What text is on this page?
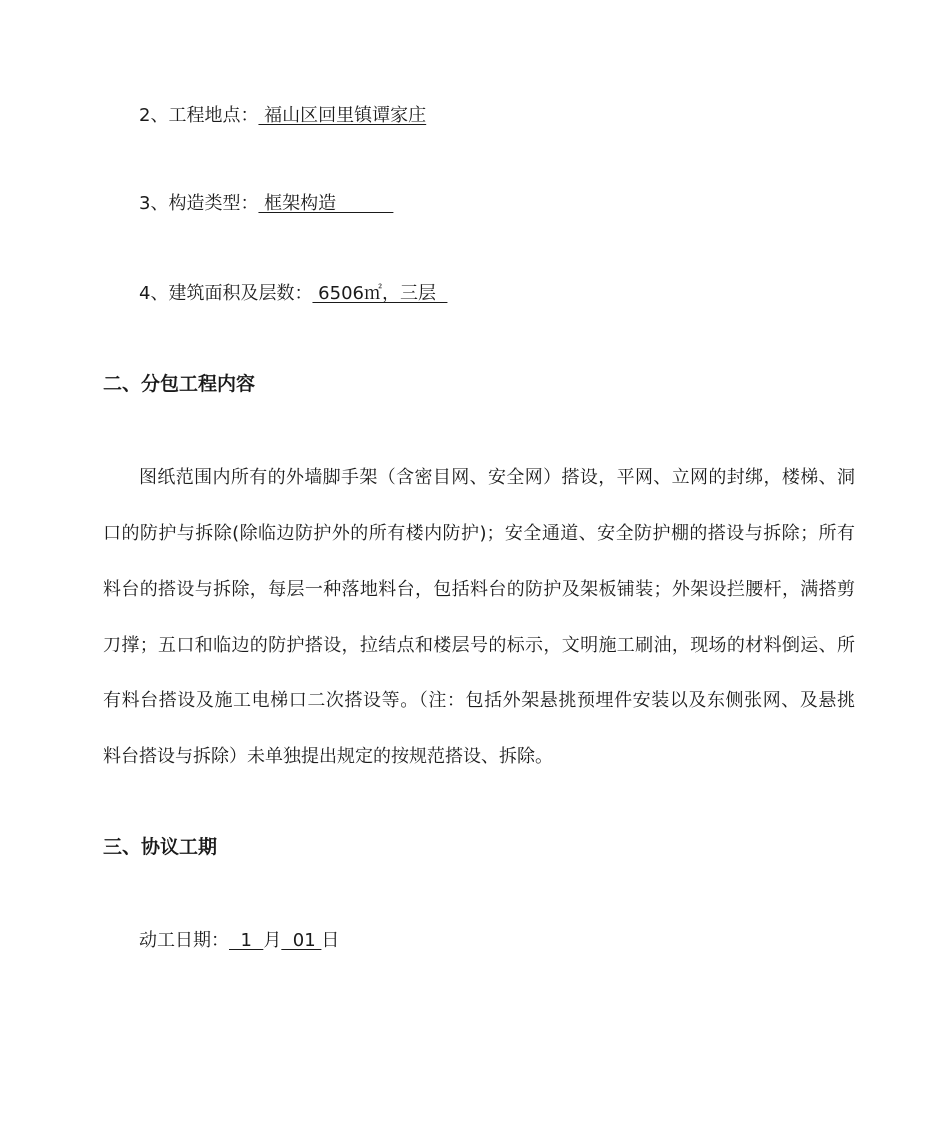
2、工程地点： 福山区回里镇谭家庄
3、构造类型： 框架构造
4、建筑面积及层数： 6506㎡，三层
二、分包工程内容
图纸范围内所有的外墙脚手架（含密目网、安全网）搭设，平网、立网的封绑，楼梯、洞
口的防护与拆除(除临边防护外的所有楼内防护)；安全通道、安全防护棚的搭设与拆除；所有
料台的搭设与拆除，每层一种落地料台，包括料台的防护及架板铺装；外架设拦腰杆，满搭剪
刀撑；五口和临边的防护搭设，拉结点和楼层号的标示，文明施工刷油，现场的材料倒运、所
有料台搭设及施工电梯口二次搭设等。（注：包括外架悬挑预埋件安装以及东侧张网、及悬挑
料台搭设与拆除）未单独提出规定的按规范搭设、拆除。
三、协议工期
动工日期：  1  月  01 日
